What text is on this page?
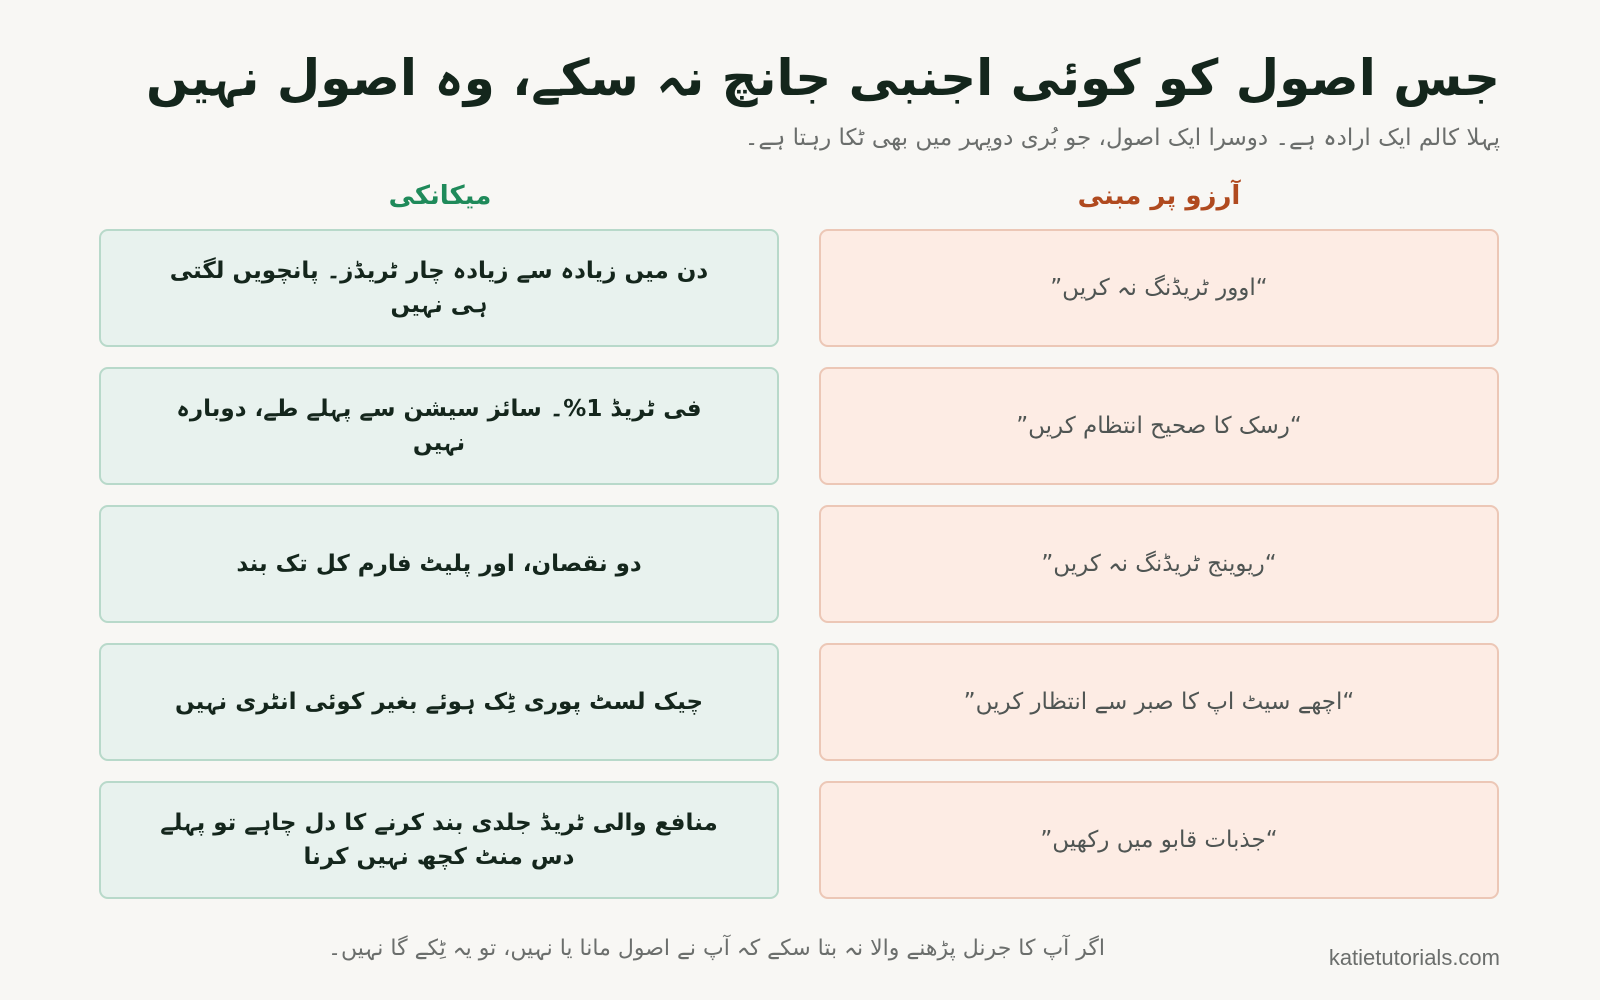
جس اصول کو کوئی اجنبی جانچ نہ سکے، وہ اصول نہیں
پہلا کالم ایک ارادہ ہے۔ دوسرا ایک اصول، جو بُری دوپہر میں بھی ٹکا رہتا ہے۔
آرزو پر مبنی
میکانکی
“اوور ٹریڈنگ نہ کریں”
دن میں زیادہ سے زیادہ چار ٹریڈز۔ پانچویں لگتی ہی نہیں
“رسک کا صحیح انتظام کریں”
فی ٹریڈ 1%۔ سائز سیشن سے پہلے طے، دوبارہ نہیں
“ریوینج ٹریڈنگ نہ کریں”
دو نقصان، اور پلیٹ فارم کل تک بند
“اچھے سیٹ اپ کا صبر سے انتظار کریں”
چیک لسٹ پوری ٹِک ہوئے بغیر کوئی انٹری نہیں
“جذبات قابو میں رکھیں”
منافع والی ٹریڈ جلدی بند کرنے کا دل چاہے تو پہلے دس منٹ کچھ نہیں کرنا
اگر آپ کا جرنل پڑھنے والا نہ بتا سکے کہ آپ نے اصول مانا یا نہیں، تو یہ ٹِکے گا نہیں۔	katietutorials.com
